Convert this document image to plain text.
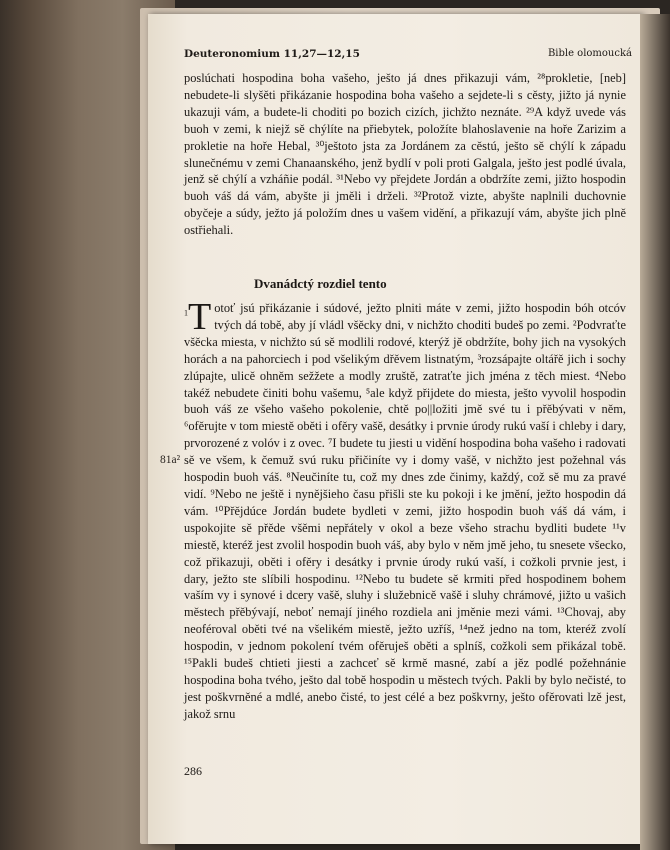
Deuteronomium 11,27—12,15	Bible olomoucká
poslúchati hospodina boha vašeho, ješto já dnes přikazuji vám, ²⁸prokletie, [neb] nebudete-li slyšěti přikázanie hospodina boha vašeho a sejdete-li s cěsty, jižto já nynie ukazuji vám, a budete-li choditi po bozich cizích, jichžto neznáte. ²⁹A když uvede vás buoh v zemi, k niejž sě chýlíte na přiebytek, položíte blahoslavenie na hoře Zarizim a prokletie na hoře Hebal, ³⁰ještoto jsta za Jordánem za cěstú, ješto sě chýlí k západu slunečnému v zemi Chanaanského, jenž bydlí v poli proti Galgala, ješto jest podlé úvala, jenž sě chýlí a vzháñie podál. ³¹Nebo vy přejdete Jordán a obdržíte zemi, jižto hospodin buoh váš dá vám, abyšte ji jměli i drželi. ³²Protož vizte, abyšte naplnili duchovnie obyčeje a súdy, ježto já položím dnes u vašem vidění, a přikazují vám, abyšte jich plně ostřiehali.
Dvanádctý rozdiel tento
$^1$T otoť jsú přikázanie i súdové, ježto plniti máte v zemi, jižto hospodin bóh otcóv tvých dá tobě, aby jí vládl všěcky dni, v nichžto choditi budeš po zemi. ²Podvraťte všěcka miesta, v nichžto sú sě modlili rodové, kterýž jě obdržíte, bohy jich na vysokých horách a na pahorciech i pod všelikým dřěvem listnatým, ³rozsápajte oltářě jich i sochy zlúpajte, ulicě ohněm sežžete a modly zruště, zatraťte jich jména z těch miest. ⁴Nebo takéž nebudete činiti bohu vašemu, ⁵ale když přijdete do miesta, ješto vyvolil hospodin buoh váš ze všeho vašeho pokolenie, chtě po||ložiti jmě své tu i přěbývati v něm, ⁶ofěrujte v tom miestě oběti i ofěry vašě, desátky i prvnie úrody rukú vaší i chleby i dary, prvorozené z volóv i z ovec. ⁷I budete tu jiesti u vidění hospodina boha vašeho i radovati sě ve všem, k čemuž svú ruku přičiníte vy i domy vašě, v nichžto jest požehnal vás hospodin buoh váš. ⁸Neučiníte tu, což my dnes zde činimy, každý, což sě mu za pravé vidí. ⁹Nebo ne ještě i nynějšieho času přišli ste ku pokoji i ke jmění, ježto hospodin dá vám. ¹⁰Přějdúce Jordán budete bydleti v zemi, jižto hospodin buoh váš dá vám, i uspokojite sě přěde všěmi nepřátely v okol a beze všeho strachu bydliti budete ¹¹v miestě, kteréž jest zvolil hospodin buoh váš, aby bylo v něm jmě jeho, tu snesete všecko, což přikazuji, oběti i ofěry i desátky i prvnie úrody rukú vaší, i cožkoli prvnie jest, i dary, ježto ste slíbili hospodinu. ¹²Nebo tu budete sě krmiti před hospodinem bohem vaším vy i synové i dcery vašě, sluhy i služebnicě vašě i sluhy chrámové, jižto u vašich městech přěbývají, neboť nemají jiného rozdiela ani jměnie mezi vámi. ¹³Chovaj, aby neoféroval oběti tvé na všelikém miestě, ježto uzříš, ¹⁴než jedno na tom, kteréž zvolí hospodin, v jednom pokolení tvém ofěruješ oběti a splníš, cožkoli sem přikázal tobě. ¹⁵Pakli budeš chtieti jiesti a zachceť sě krmě masné, zabí a jěz podlé požehnánie hospodina boha tvého, ješto dal tobě hospodin u městech tvých. Pakli by bylo nečisté, to jest poškvrněné a mdlé, anebo čisté, to jest célé a bez poškvrny, ješto ofěrovati lzě jest, jakož srnu
81a²
286
